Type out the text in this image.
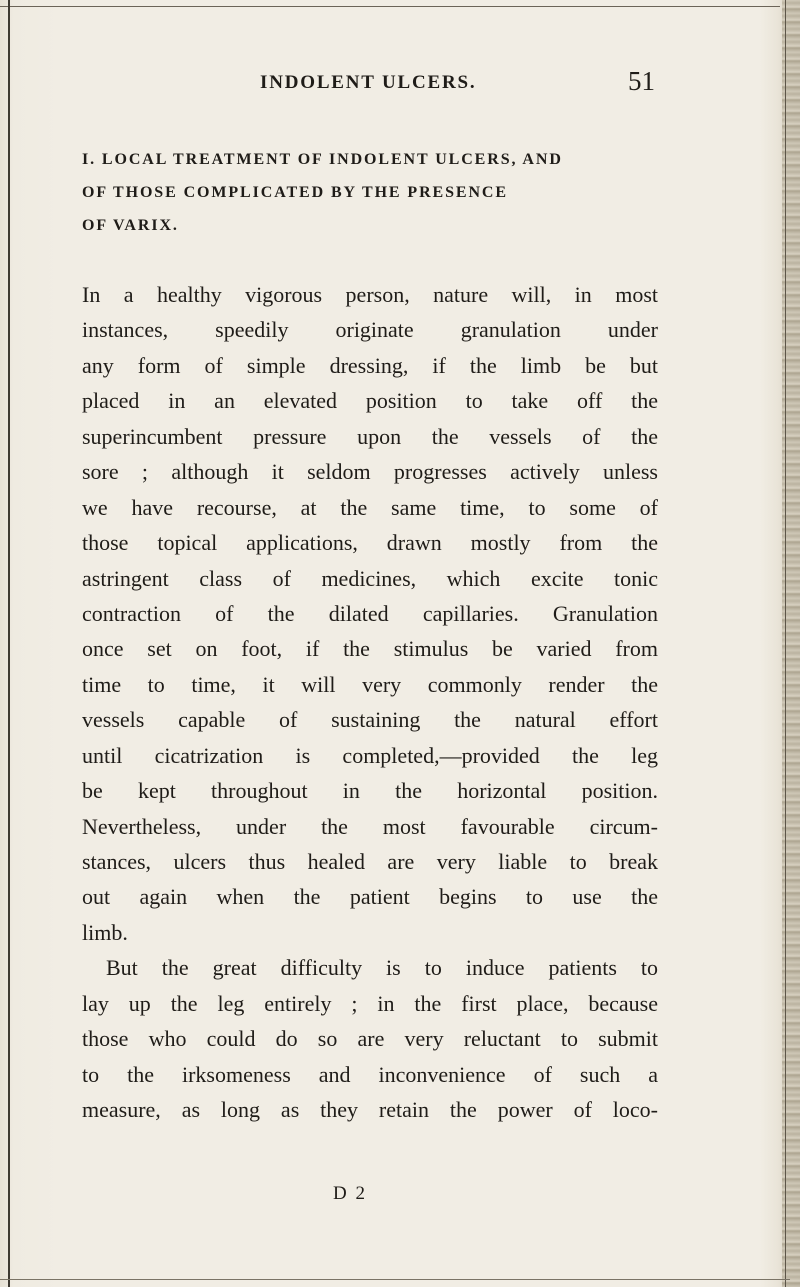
INDOLENT ULCERS.	51
I. LOCAL TREATMENT OF INDOLENT ULCERS, AND
OF THOSE COMPLICATED BY THE PRESENCE
OF VARIX.
In a healthy vigorous person, nature will, in most
instances, speedily originate granulation under
any form of simple dressing, if the limb be but
placed in an elevated position to take off the
superincumbent pressure upon the vessels of the
sore ; although it seldom progresses actively unless
we have recourse, at the same time, to some of
those topical applications, drawn mostly from the
astringent class of medicines, which excite tonic
contraction of the dilated capillaries. Granulation
once set on foot, if the stimulus be varied from
time to time, it will very commonly render the
vessels capable of sustaining the natural effort
until cicatrization is completed,—provided the leg
be kept throughout in the horizontal position.
Nevertheless, under the most favourable circum-
stances, ulcers thus healed are very liable to break
out again when the patient begins to use the
limb.
But the great difficulty is to induce patients to
lay up the leg entirely ; in the first place, because
those who could do so are very reluctant to submit
to the irksomeness and inconvenience of such a
measure, as long as they retain the power of loco-
D 2
